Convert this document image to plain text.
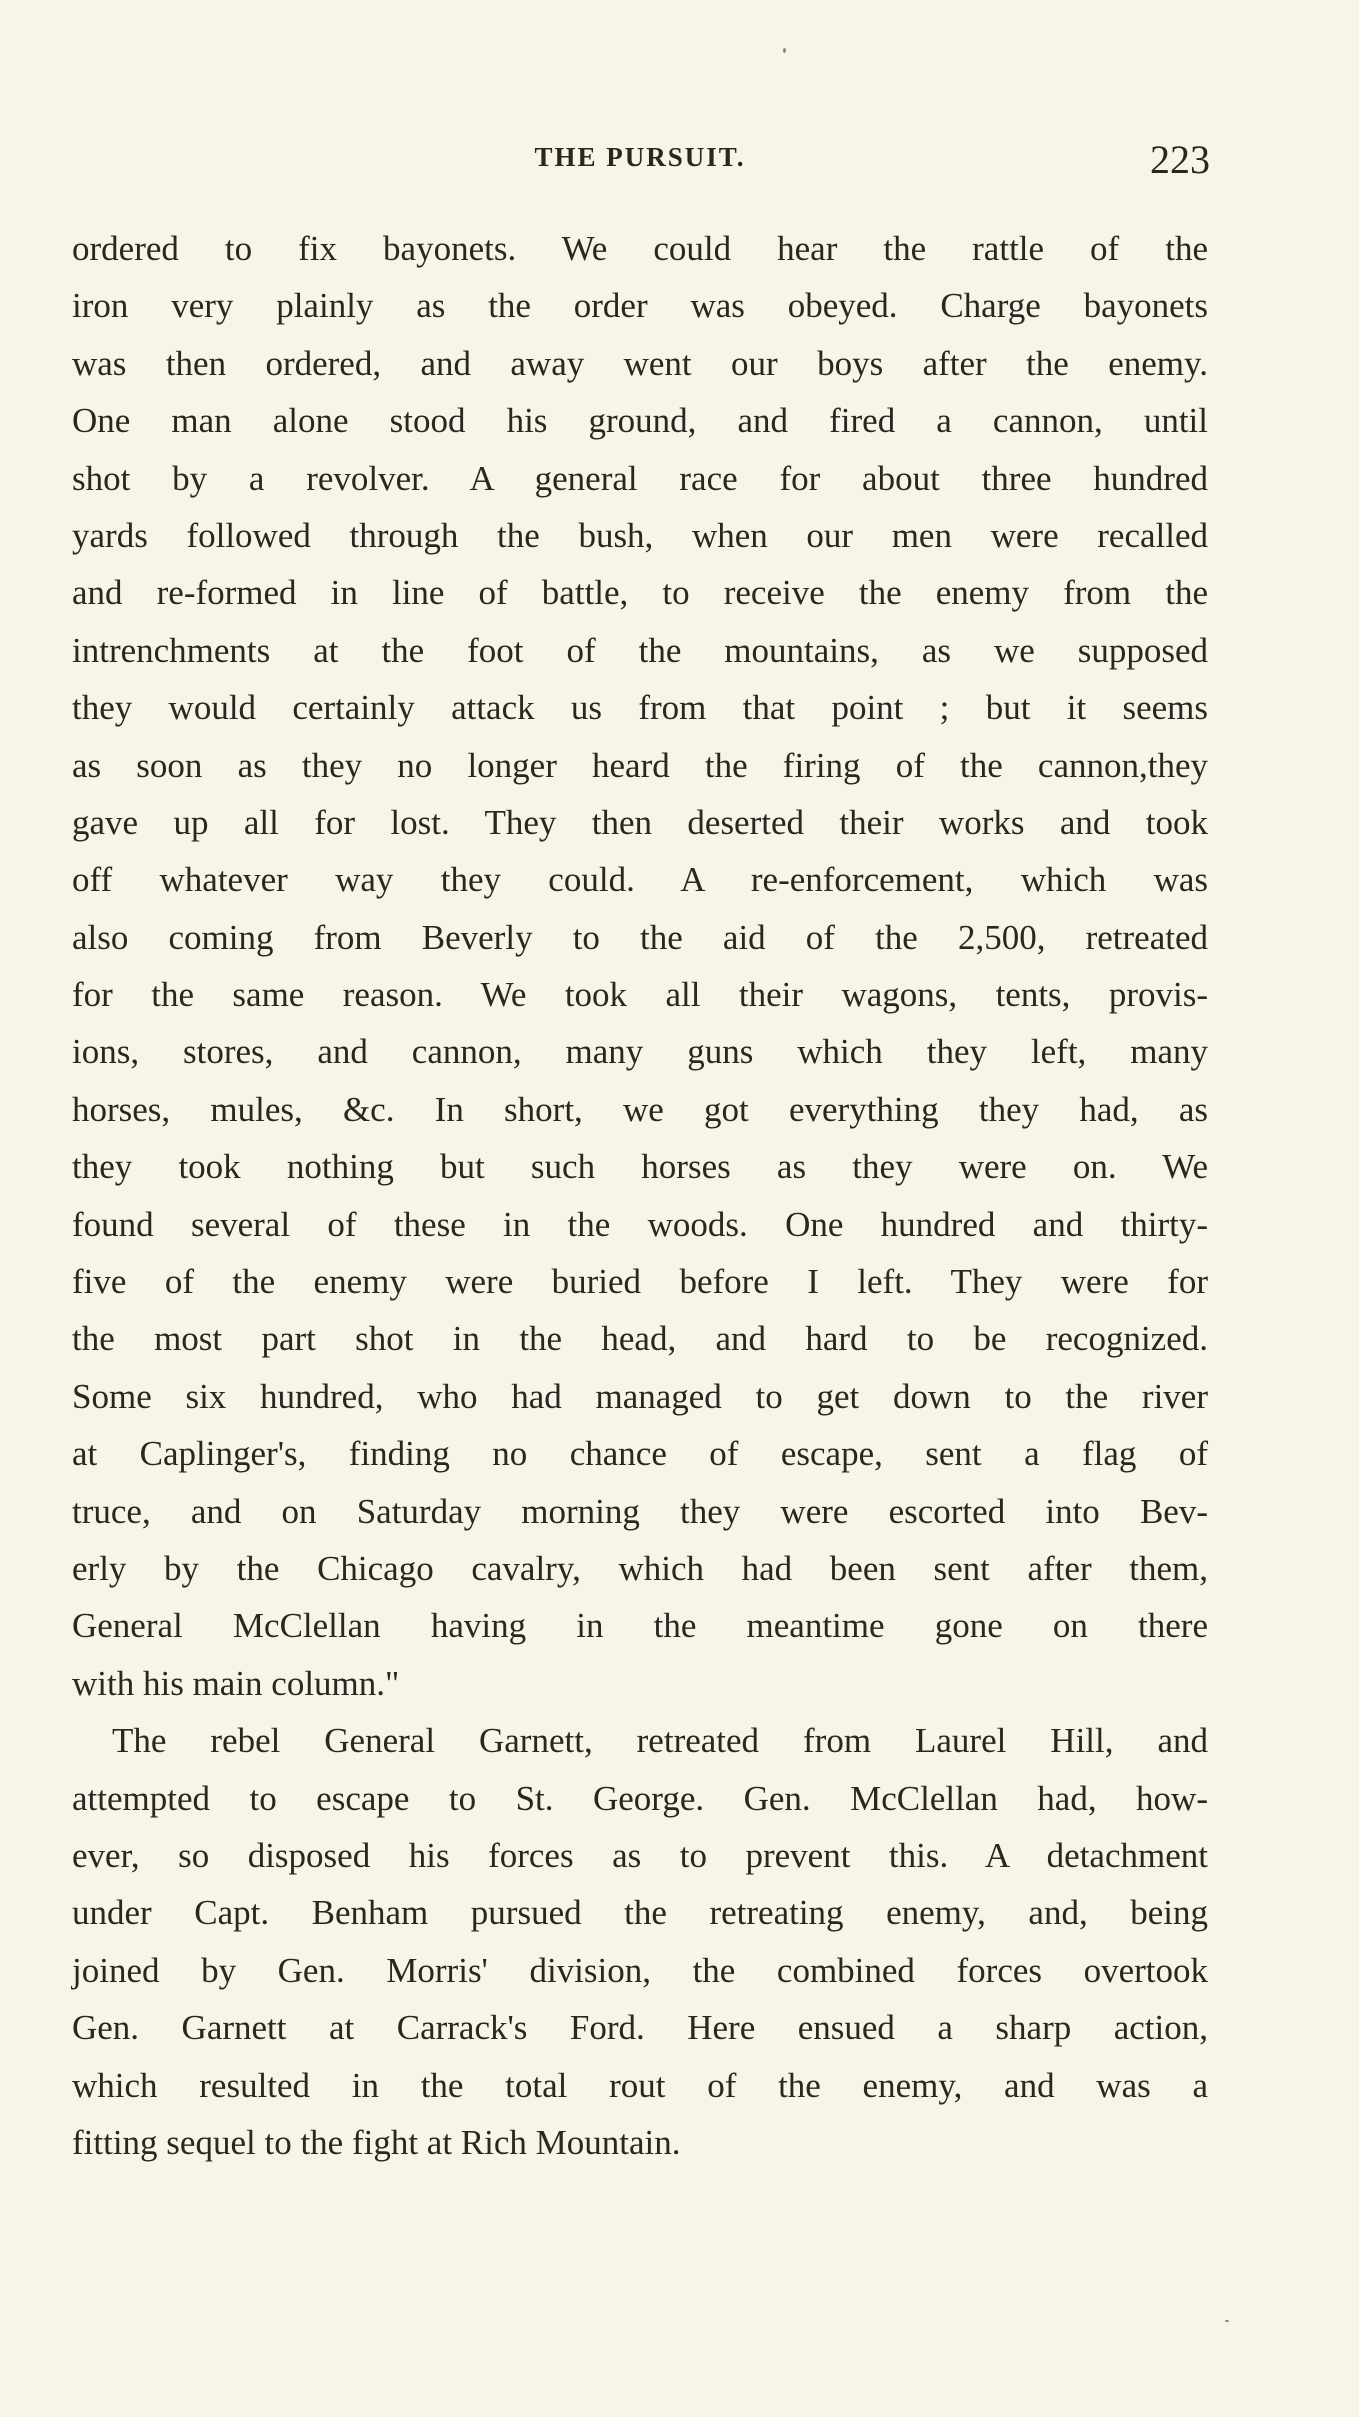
THE PURSUIT.	223
ordered to fix bayonets. We could hear the rattle of the
iron very plainly as the order was obeyed. Charge bayonets
was then ordered, and away went our boys after the enemy.
One man alone stood his ground, and fired a cannon, until
shot by a revolver. A general race for about three hundred
yards followed through the bush, when our men were recalled
and re-formed in line of battle, to receive the enemy from the
intrenchments at the foot of the mountains, as we supposed
they would certainly attack us from that point ; but it seems
as soon as they no longer heard the firing of the cannon,they
gave up all for lost. They then deserted their works and took
off whatever way they could. A re-enforcement, which was
also coming from Beverly to the aid of the 2,500, retreated
for the same reason. We took all their wagons, tents, provis-
ions, stores, and cannon, many guns which they left, many
horses, mules, &c. In short, we got everything they had, as
they took nothing but such horses as they were on. We
found several of these in the woods. One hundred and thirty-
five of the enemy were buried before I left. They were for
the most part shot in the head, and hard to be recognized.
Some six hundred, who had managed to get down to the river
at Caplinger's, finding no chance of escape, sent a flag of
truce, and on Saturday morning they were escorted into Bev-
erly by the Chicago cavalry, which had been sent after them,
General McClellan having in the meantime gone on there
with his main column."
The rebel General Garnett, retreated from Laurel Hill, and
attempted to escape to St. George. Gen. McClellan had, how-
ever, so disposed his forces as to prevent this. A detachment
under Capt. Benham pursued the retreating enemy, and, being
joined by Gen. Morris' division, the combined forces overtook
Gen. Garnett at Carrack's Ford. Here ensued a sharp action,
which resulted in the total rout of the enemy, and was a
fitting sequel to the fight at Rich Mountain.
